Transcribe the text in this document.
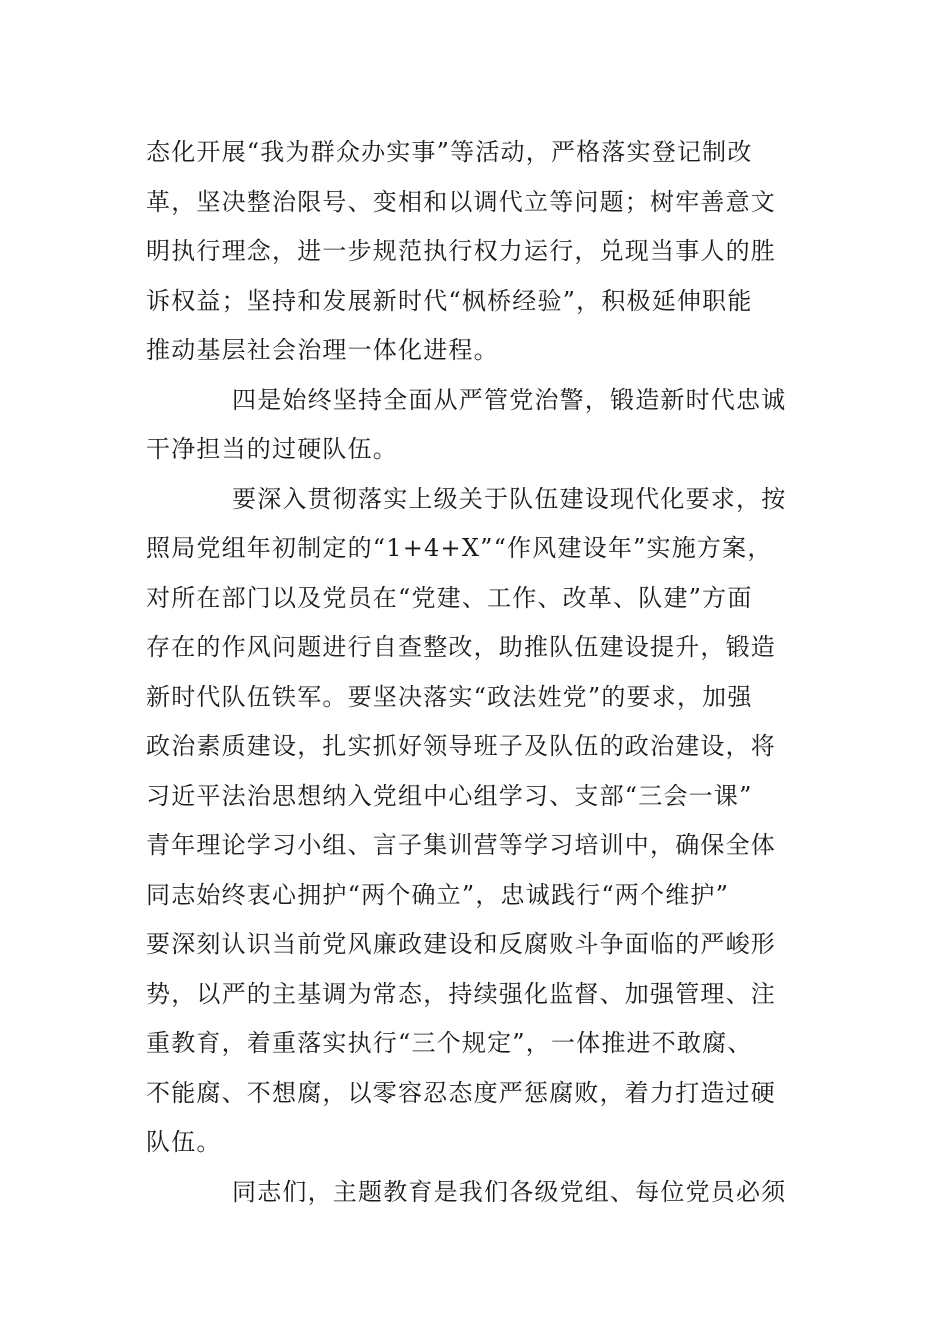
态化开展“我为群众办实事”等活动，严格落实登记制改
革，坚决整治限号、变相和以调代立等问题；树牢善意文
明执行理念，进一步规范执行权力运行，兑现当事人的胜
诉权益；坚持和发展新时代“枫桥经验”，积极延伸职能
推动基层社会治理一体化进程。
四是始终坚持全面从严管党治警，锻造新时代忠诚
干净担当的过硬队伍。
要深入贯彻落实上级关于队伍建设现代化要求，按
照局党组年初制定的“1+4+X”“作风建设年”实施方案，
对所在部门以及党员在“党建、工作、改革、队建”方面
存在的作风问题进行自查整改，助推队伍建设提升，锻造
新时代队伍铁军。要坚决落实“政法姓党”的要求，加强
政治素质建设，扎实抓好领导班子及队伍的政治建设，将
习近平法治思想纳入党组中心组学习、支部“三会一课”
青年理论学习小组、言子集训营等学习培训中，确保全体
同志始终衷心拥护“两个确立”，忠诚践行“两个维护”
要深刻认识当前党风廉政建设和反腐败斗争面临的严峻形
势，以严的主基调为常态，持续强化监督、加强管理、注
重教育，着重落实执行“三个规定”，一体推进不敢腐、
不能腐、不想腐，以零容忍态度严惩腐败，着力打造过硬
队伍。
同志们，主题教育是我们各级党组、每位党员必须
